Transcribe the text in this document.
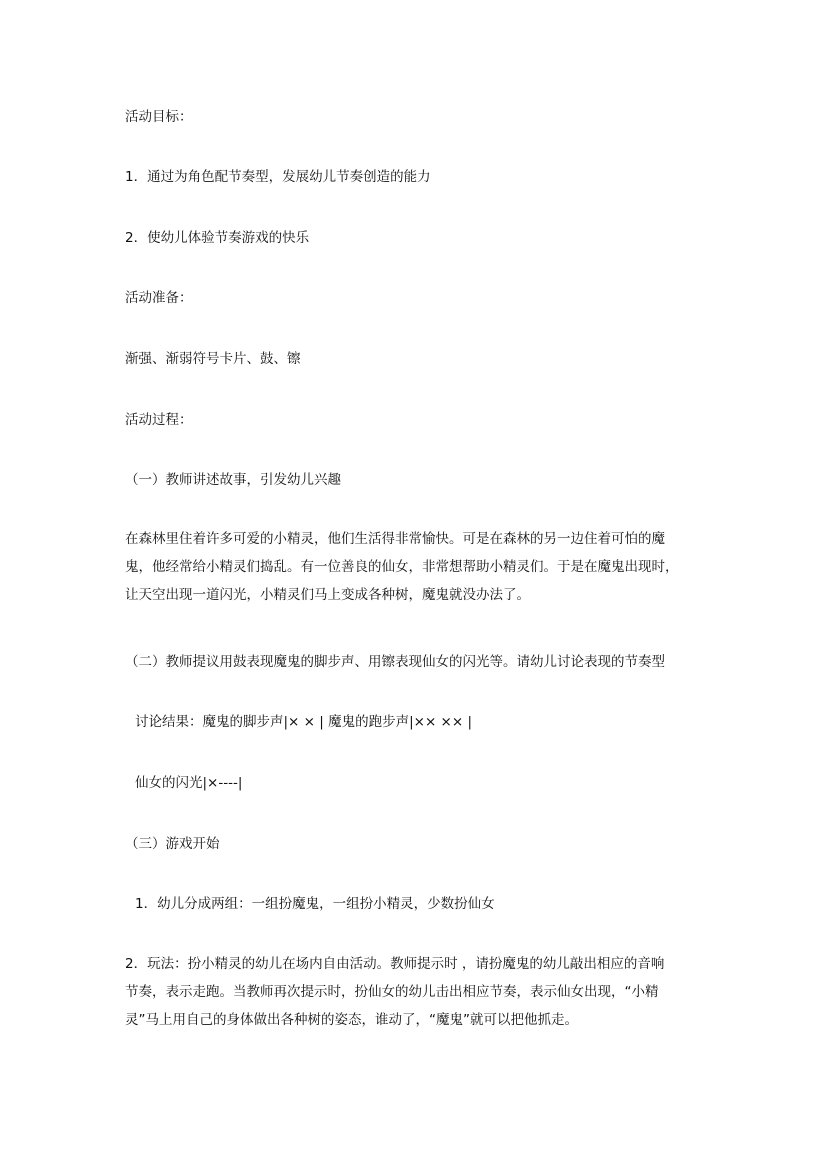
活动目标：
1．通过为角色配节奏型，发展幼儿节奏创造的能力
2．使幼儿体验节奏游戏的快乐
活动准备：
渐强、渐弱符号卡片、鼓、镲
活动过程：
（一）教师讲述故事，引发幼儿兴趣
在森林里住着许多可爱的小精灵，他们生活得非常愉快。可是在森林的另一边住着可怕的魔
鬼，他经常给小精灵们捣乱。有一位善良的仙女，非常想帮助小精灵们。于是在魔鬼出现时，
让天空出现一道闪光，小精灵们马上变成各种树，魔鬼就没办法了。
（二）教师提议用鼓表现魔鬼的脚步声、用镲表现仙女的闪光等。请幼儿讨论表现的节奏型
讨论结果：魔鬼的脚步声|× × | 魔鬼的跑步声|×× ×× |
仙女的闪光|×----|
（三）游戏开始
1．幼儿分成两组：一组扮魔鬼，一组扮小精灵，少数扮仙女
2．玩法：扮小精灵的幼儿在场内自由活动。教师提示时 ，请扮魔鬼的幼儿敲出相应的音响
节奏，表示走跑。当教师再次提示时，扮仙女的幼儿击出相应节奏，表示仙女出现，“小精
灵”马上用自己的身体做出各种树的姿态，谁动了，“魔鬼”就可以把他抓走。
